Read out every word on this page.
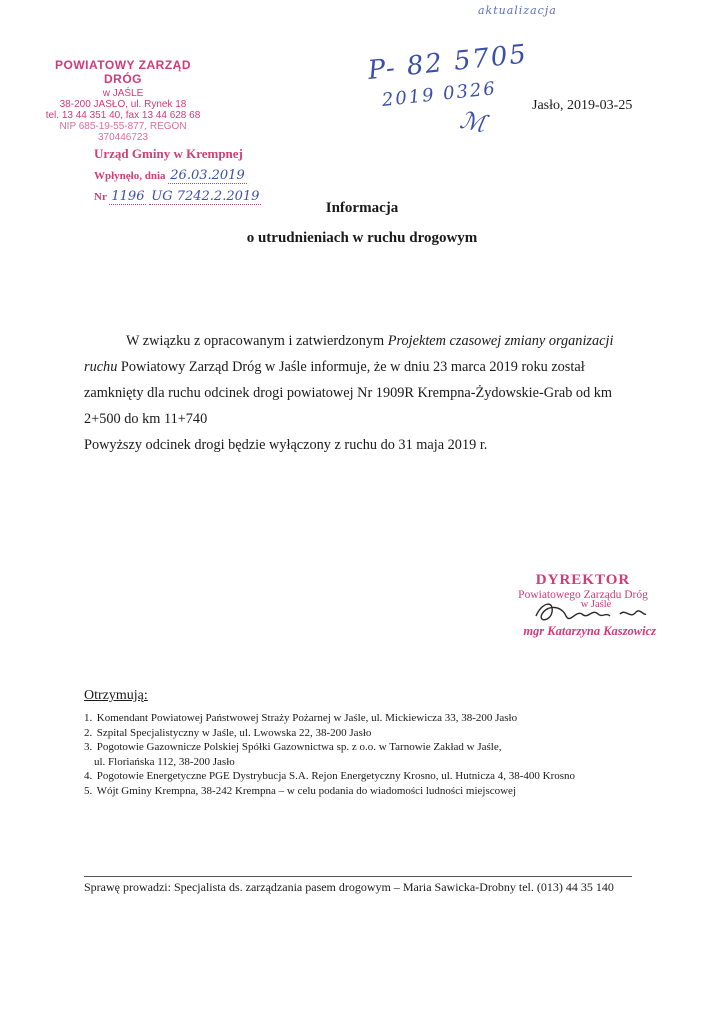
aktualizacja
P- 82 5705
2019 0326
ℳ
POWIATOWY ZARZĄD DRÓG
w JAŚLE
38-200 JASŁO, ul. Rynek 18
tel. 13 44 351 40, fax 13 44 628 68
NIP 685-19-55-877, REGON 370446723
Urząd Gminy w Krempnej
Wpłynęło, dnia 26.03.2019
Nr 1196 UG 7242.2.2019
Jasło, 2019-03-25
Informacja
o utrudnieniach w ruchu drogowym

W związku z opracowanym i zatwierdzonym Projektem czasowej zmiany organizacji ruchu Powiatowy Zarząd Dróg w Jaśle informuje, że w dniu 23 marca 2019 roku został zamknięty dla ruchu odcinek drogi powiatowej Nr 1909R Krempna-Żydowskie-Grab od km 2+500 do km 11+740

Powyższy odcinek drogi będzie wyłączony z ruchu do 31 maja 2019 r.

DYREKTOR
Powiatowego Zarządu Dróg
w Jaśle
mgr Katarzyna Kaszowicz
Otrzymują:
1. Komendant Powiatowej Państwowej Straży Pożarnej w Jaśle, ul. Mickiewicza 33, 38-200 Jasło
2. Szpital Specjalistyczny w Jaśle, ul. Lwowska 22, 38-200 Jasło
3. Pogotowie Gazownicze Polskiej Spółki Gazownictwa sp. z o.o. w Tarnowie Zakład w Jaśle,
ul. Floriańska 112, 38-200 Jasło
4. Pogotowie Energetyczne PGE Dystrybucja S.A. Rejon Energetyczny Krosno, ul. Hutnicza 4, 38-400 Krosno
5. Wójt Gminy Krempna, 38-242 Krempna – w celu podania do wiadomości ludności miejscowej
Sprawę prowadzi: Specjalista ds. zarządzania pasem drogowym – Maria Sawicka-Drobny tel. (013) 44 35 140
